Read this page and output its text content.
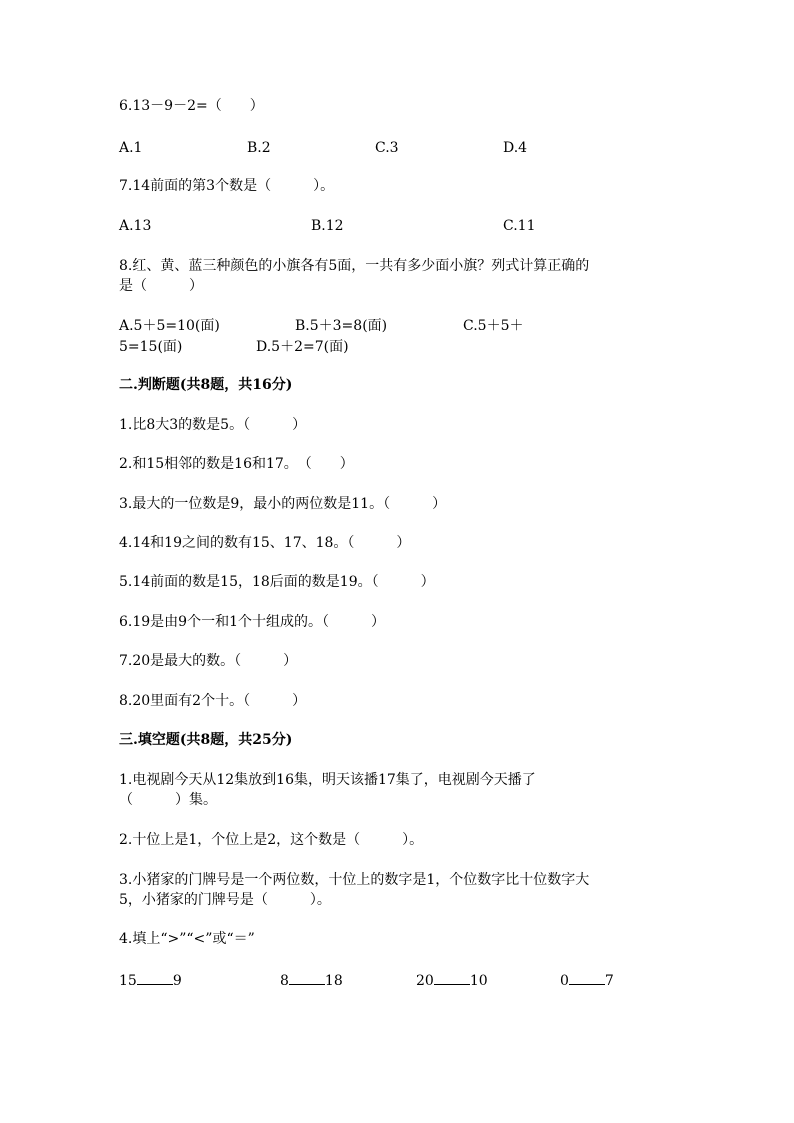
6.13－9－2=（　　）
A.1	B.2	C.3	D.4
7.14前面的第3个数是（　　　）。
A.13	B.12	C.11
8.红、黄、蓝三种颜色的小旗各有5面，一共有多少面小旗？列式计算正确的
是（　　　）
A.5＋5=10(面)	B.5＋3=8(面)	C.5＋5＋
5=15(面)	D.5＋2=7(面)
二.判断题(共8题，共16分)
1.比8大3的数是5。（　　　）
2.和15相邻的数是16和17。　（　　）
3.最大的一位数是9，最小的两位数是11。（　　　）
4.14和19之间的数有15、17、18。（　　　）
5.14前面的数是15，18后面的数是19。（　　　）
6.19是由9个一和1个十组成的。（　　　）
7.20是最大的数。（　　　）
8.20里面有2个十。（　　　）
三.填空题(共8题，共25分)
1.电视剧今天从12集放到16集，明天该播17集了，电视剧今天播了
（　　　）集。
2.十位上是1，个位上是2，这个数是（　　　）。
3.小猪家的门牌号是一个两位数，十位上的数字是1，个位数字比十位数字大
5，小猪家的门牌号是（　　　）。
4.填上“>”“<”或“＝”
15	9	8	18	20	10	0	7
